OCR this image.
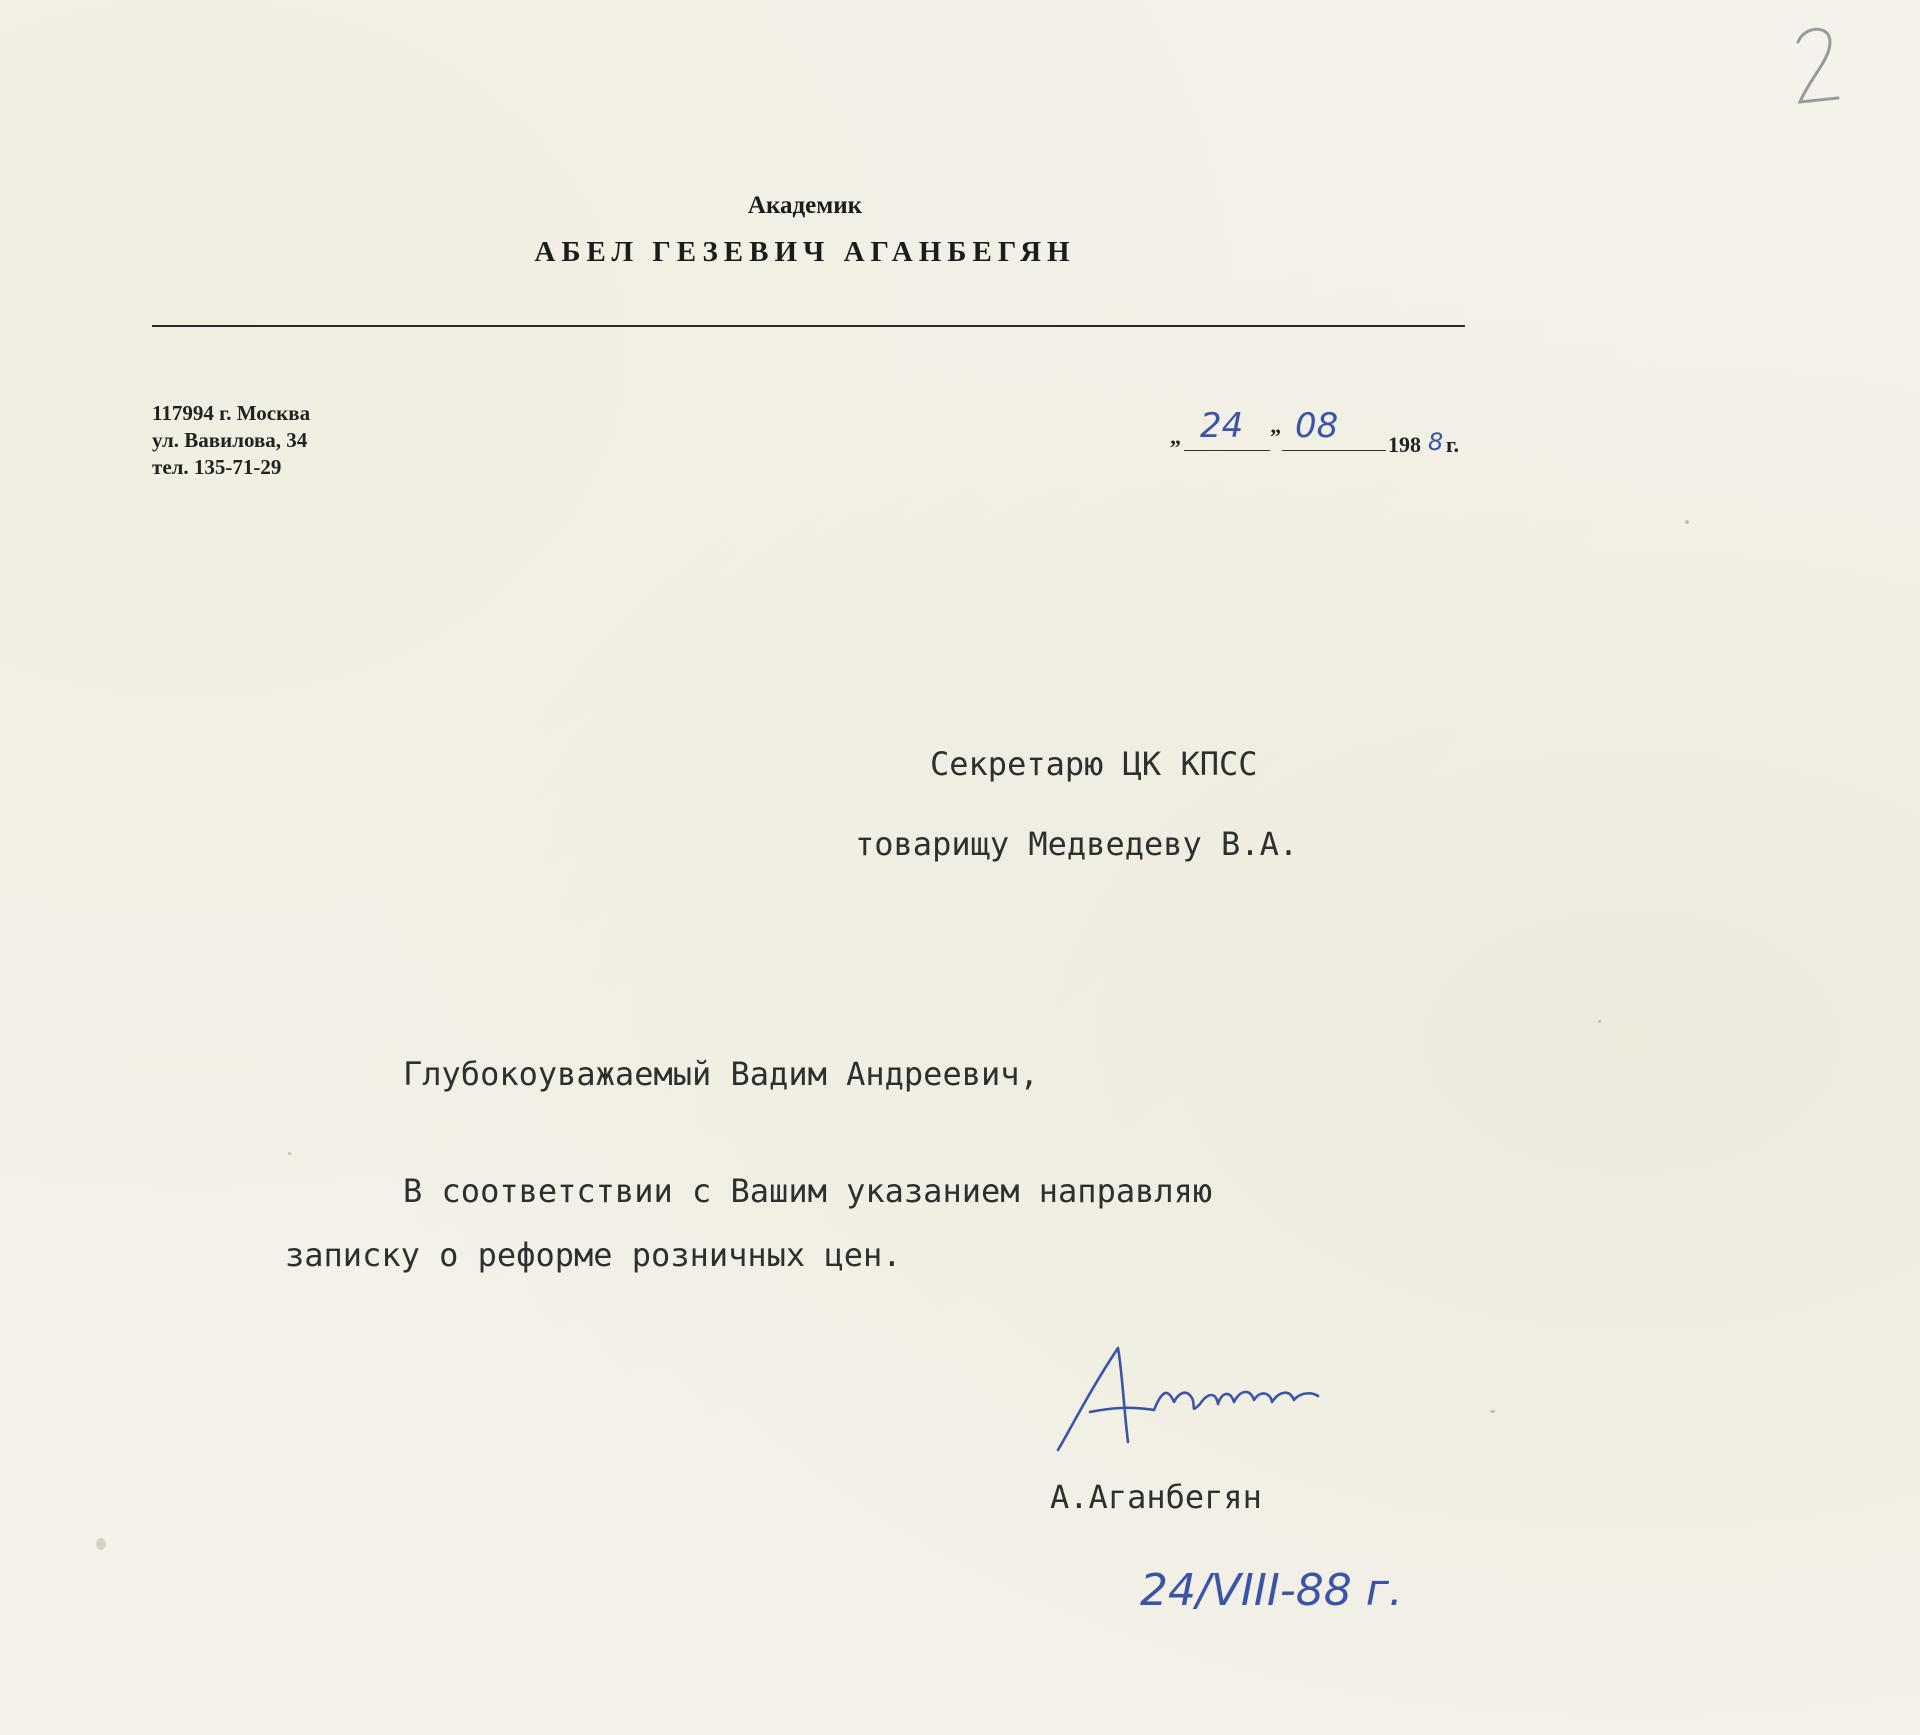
Академик
АБЕЛ ГЕЗЕВИЧ АГАНБЕГЯН
117994 г. Москва
ул. Вавилова, 34
тел. 135-71-29
„	”
24 08 198 8 г.
Секретарю ЦК КПСС
товарищу Медведеву В.А.
Глубокоуважаемый Вадим Андреевич,
В соответствии с Вашим указанием направляю
записку о реформе розничных цен.
А.Аганбегян
24/VIII-88 г.
